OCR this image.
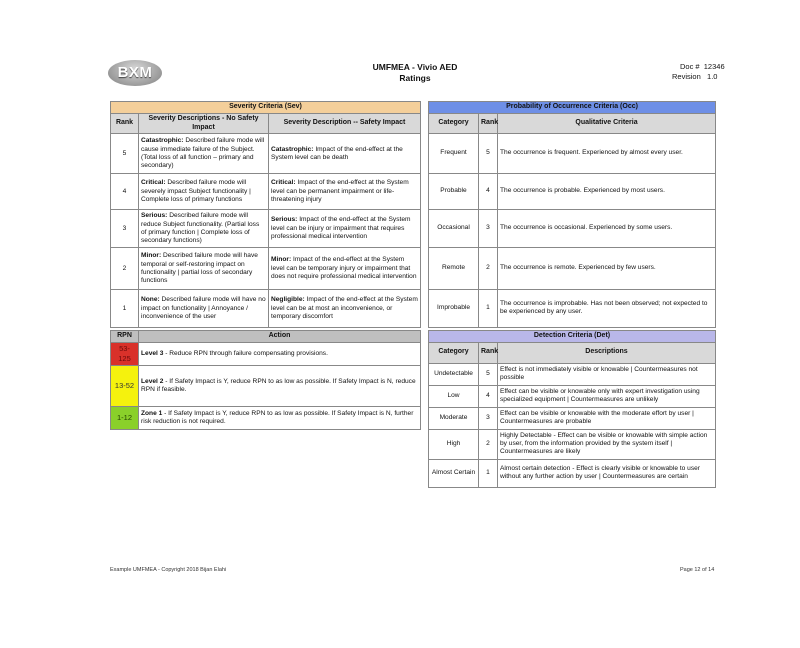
BXM	UMFMEA - Vivio AED
Ratings
Doc # 12346
Revision 1.0
Severity Criteria (Sev)		
Rank	Severity Descriptions - No Safety Impact	Severity Description -- Safety Impact
5	Catastrophic: Described failure mode will cause immediate failure of the Subject. (Total loss of all function – primary and secondary)	Catastrophic: Impact of the end-effect at the System level can be death
4	Critical: Described failure mode will severely impact Subject functionality | Complete loss of primary functions	Critical: Impact of the end-effect at the System level can be permanent impairment or life-threatening injury
3	Serious: Described failure mode will reduce Subject functionality. (Partial loss of primary function | Complete loss of secondary functions)	Serious: Impact of the end-effect at the System level can be injury or impairment that requires professional medical intervention
2	Minor: Described failure mode will have temporal or self-restoring impact on functionality | partial loss of secondary functions	Minor: Impact of the end-effect at the System level can be temporary injury or impairment that does not require professional medical intervention
1	None: Described failure mode will have no impact on functionality | Annoyance / inconvenience of the user	Negligible: Impact of the end-effect at the System level can be at most an inconvenience, or temporary discomfort
Probability of Occurrence Criteria (Occ)		
Category	Rank	Qualitative Criteria
Frequent	5	The occurrence is frequent. Experienced by almost every user.
Probable	4	The occurrence is probable. Experienced by most users.
Occasional	3	The occurrence is occasional. Experienced by some users.
Remote	2	The occurrence is remote. Experienced by few users.
Improbable	1	The occurrence is improbable. Has not been observed; not expected to be experienced by any user.
RPN	Action
53-125	Level 3 - Reduce RPN through failure compensating provisions.
13-52	Level 2 - If Safety Impact is Y, reduce RPN to as low as possible. If Safety Impact is N, reduce RPN if feasible.
1-12	Zone 1 - If Safety Impact is Y, reduce RPN to as low as possible. If Safety Impact is N, further risk reduction is not required.
Detection Criteria (Det)		
Category	Rank	Descriptions
Undetectable	5	Effect is not immediately visible or knowable | Countermeasures not possible
Low	4	Effect can be visible or knowable only with expert investigation using specialized equipment | Countermeasures are unlikely
Moderate	3	Effect can be visible or knowable with the moderate effort by user | Countermeasures are probable
High	2	Highly Detectable - Effect can be visible or knowable with simple action by user, from the information provided by the system itself | Countermeasures are likely
Almost Certain	1	Almost certain detection - Effect is clearly visible or knowable to user without any further action by user | Countermeasures are certain
Example UMFMEA - Copyright 2018 Bijan Elahi	Page 12 of 14
